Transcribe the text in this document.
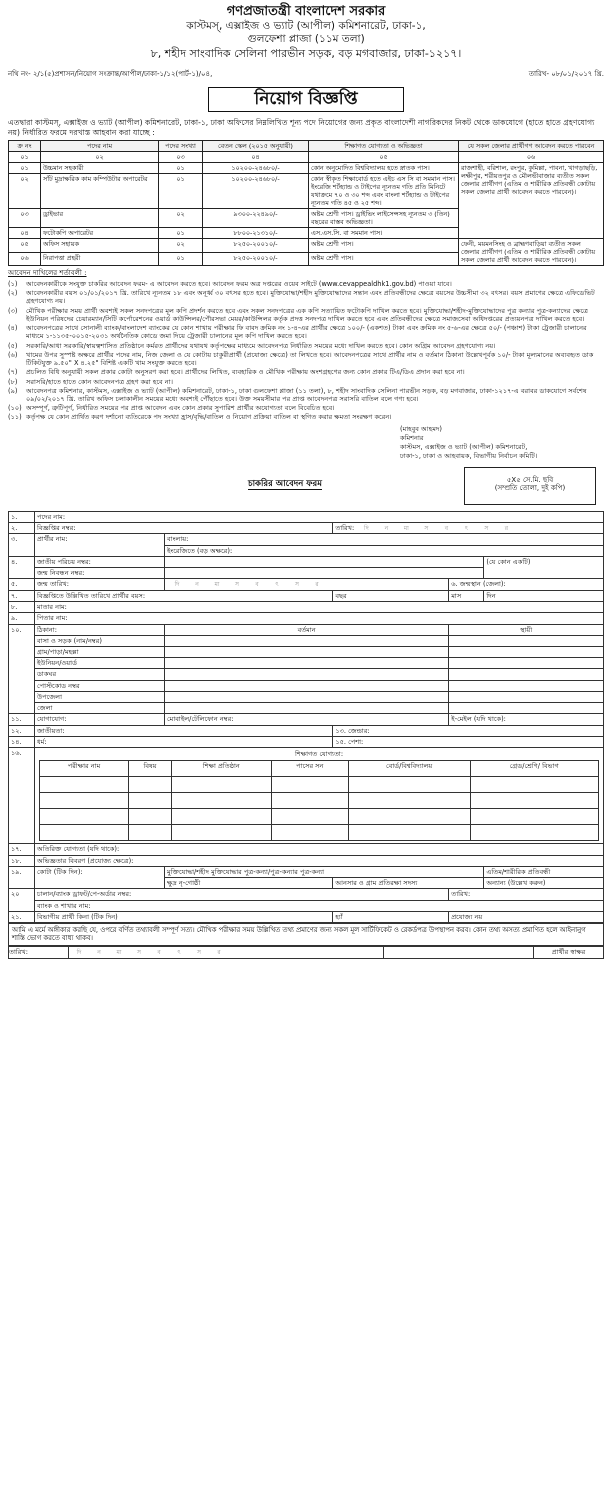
গণপ্রজাতন্ত্রী বাংলাদেশ সরকার
কাস্টমস্‌, এক্সাইজ ও ভ্যাট (আপীল) কমিশনারেট, ঢাকা-১,
গুলফেশা প্লাজা (১১ম তলা)
৮, শহীদ সাংবাদিক সেলিনা পারভীন সড়ক, বড় মগবাজার, ঢাকা-১২১৭।
নথি নং- ২/১(৫)প্রশাসন/নিয়োগ সংক্রান্ত/আপীল/ঢাকা-১/১২(পার্ট-১)/০৪,	তারিখ- ০৮/০১/২০১৭ খ্রি.
নিয়োগ বিজ্ঞপ্তি
এতদ্বারা কাস্টমস্‌, এক্সাইজ ও ভ্যাট (আপীল) কমিশনারেট, ঢাকা-১, ঢাকা অফিসের নিম্নলিখিত শূন্য পদে নিয়োগের জন্য প্রকৃত বাংলাদেশী নাগরিকদের নিকট থেকে ডাকযোগে (হাতে হাতে গ্রহণযোগ্য নয়) নির্ধারিত ফরমে দরখাস্ত আহবান করা যাচ্ছে :
ক্র নং	পদের নাম	পদের সংখ্যা	বেতন স্কেল (২০১৫ অনুযায়ী)	শিক্ষাগত যোগ্যতা ও অভিজ্ঞতা	যে সকল জেলার প্রার্থীগণ আবেদন করতে পারবেন
০১	০২	০৩	০৪	০৫	০৬
০১	উচ্চমান সহকারী	০১	১০২০০-২৪৬৮০/-	কোন অনুমোদিত বিশ্ববিদ্যালয় হতে স্নাতক পাস।	রাজশাহী, বরিশাল, রংপুর, কুমিল্লা, পাবনা, খাগড়াছড়ি, লক্ষীপুর, শরীয়তপুর ও মৌলভীবাজার ব্যতীত সকল জেলার প্রার্থীগণ (এতিম ও শারীরিক প্রতিবন্ধী কোটায় সকল জেলার প্রার্থী আবেদন করতে পারবেন)।
০২	সাঁট মুদ্রাক্ষরিক কাম কম্পিউটার অপারেটর	০১	১০২০০-২৪৬৮০/-	কোন স্বীকৃত শিক্ষাবোর্ড হতে এইচ এস সি বা সমমান পাস। ইংরেজি শর্টহ্যান্ড ও টাইপের ন্যূনতম গতি প্রতি মিনিটে যথাক্রমে ৭০ ও ৩০ শব্দ এবং বাংলা শর্টহ্যান্ড ও টাইপের ন্যূনতম গতি ৪৫ ও ২৫ শব্দ।	
০৩	ড্রাইভার	০২	৯৩০০-২২৪৯০/-	অষ্টম শ্রেণী পাস। ড্রাইভিং লাইসেন্সসহ ন্যূনতম ৩ (তিন) বছরের বাস্তব অভিজ্ঞতা।	
০৪	ফটোকপি অপারেটর	০১	৮৮০০-২১৩১০/-	এস.এস.সি. বা সমমান পাস।	
০৫	অফিস সহায়ক	০২	৮২৫০-২০০১০/-	অষ্টম শ্রেণী পাস।	ফেনী, ময়মনসিংহ ও ব্রাহ্মণবাড়িয়া ব্যতীত সকল জেলার প্রার্থীগণ (এতিম ও শারীরিক প্রতিবন্ধী কোটায় সকল জেলার প্রার্থী আবেদন করতে পারবেন)।
০৬	নিরাপত্তা প্রহরী	০১	৮২৫০-২০০১০/-	অষ্টম শ্রেণী পাস।	
আবেদন দাখিলের শর্তাবলী :
(১)	আবেদনকারীকে সংযুক্ত চাকরির আবেদন ফরম- এ আবেদন করতে হবে। আবেদন ফরম অত্র দপ্তরের ওয়েব সাইটে (www.cevappealdhk1.gov.bd) পাওয়া যাবে।
(২)	আবেদনকারীর বয়স ০১/০১/২০১৭ খ্রি. তারিখে ন্যূনতম ১৮ এবং অনূর্ধ্ব ৩০ বৎসর হতে হবে। মুক্তিযোদ্ধা/শহীদ মুক্তিযোদ্ধাদের সন্তান এবং প্রতিবন্ধীদের ক্ষেত্রে বয়সের উচ্চসীমা ৩২ বৎসর। বয়স প্রমাণের ক্ষেত্রে এফিডেভিট গ্রহণযোগ্য নয়।
(৩)	মৌখিক পরীক্ষার সময় প্রার্থী অবশ্যই সকল সনদপত্রের মূল কপি প্রদর্শন করতে হবে এবং সকল সনদপত্রের এক কপি সত্যায়িত ফটোকপি দাখিল করতে হবে। মুক্তিযোদ্ধা/শহীদ-মুক্তিযোদ্ধাদের পুত্র কন্যার পুত্র-কন্যাদের ক্ষেত্রে ইউনিয়ন পরিষদের চেয়ারম্যান/সিটি কর্পোরেশনের ওয়ার্ড কাউন্সিলর/পৌরসভা মেয়র/কাউন্সিলর কর্তৃক প্রদত্ত সনদপত্র দাখিল করতে হবে এবং প্রতিবন্ধীদের ক্ষেত্রে সমাজসেবা অধিদপ্তরের প্রত্যয়নপত্র দাখিল করতে হবে।
(৪)	আবেদনপত্রের সাথে সোনালী ব্যাংক/বাংলাদেশ ব্যাংকের যে কোন শাখায় পরীক্ষার ফি বাবদ ক্রমিক নং ১-৪-এর প্রার্থীর ক্ষেত্রে ১০০/- (একশত) টাকা এবং ক্রমিক নং ৫-৬-এর ক্ষেত্রে ৫০/- (পঞ্চাশ) টাকা ট্রেজারী চালানের মাধ্যমে ১-১১৩৫-০০১৫-২০৩১ অর্থনৈতিক কোডে জমা দিয়ে ট্রেজারী চালানের মূল কপি দাখিল করতে হবে।
(৫)	সরকারি/আধা সরকারি/স্বায়ত্বশাসিত প্রতিষ্ঠানে কর্মরত প্রার্থীদের যথাযথ কর্তৃপক্ষের মাধ্যমে আবেদনপত্র নির্ধারিত সময়ের মধ্যে দাখিল করতে হবে। কোন অগ্রিম আবেদন গ্রহণযোগ্য নয়।
(৬)	খামের উপর সুস্পষ্ট অক্ষরে প্রার্থীর পদের নাম, নিজ জেলা ও যে কোটায় চাকুরীপ্রার্থী (প্রযোজ্য ক্ষেত্রে) তা লিখতে হবে। আবেদনপত্রের সাথে প্রার্থীর নাম ও বর্তমান ঠিকানা উল্লেখপূর্বক ১০/- টাকা মূল্যমানের অব্যবহৃত ডাক টিকিটযুক্ত ৯.৫০" X ৪.২৫" বিশিষ্ট একটি খাম সংযুক্ত করতে হবে।
(৭)	প্রচলিত বিধি অনুযায়ী সকল প্রকার কোটা অনুসরণ করা হবে। প্রার্থীদের লিখিত, ব্যবহারিক ও মৌখিক পরীক্ষায় অংশগ্রহণের জন্য কোন প্রকার টিএ/ডিএ প্রদান করা হবে না।
(৮)	সরাসরি/হাতে হাতে কোন আবেদনপত্র গ্রহণ করা হবে না।
(৯)	আবেদনপত্র কমিশনার, কাস্টমস, এক্সাইজ ও ভ্যাট (আপীল) কমিশনারেট, ঢাকা-১, ঢাকা গুলফেশা প্লাজা (১১ তলা), ৮, শহীদ সাংবাদিক সেলিনা পারভীন সড়ক, বড় মগবাজার, ঢাকা-১২১৭-এ বরাবর ডাকযোগে সর্বশেষ ০৯/০২/২০১৭ খ্রি. তারিখ অফিস চলাকালীন সময়ের মধ্যে অবশ্যই পৌঁছাতে হবে। উক্ত সময়সীমার পর প্রাপ্ত আবেদনপত্র সরাসরি বাতিল বলে গণ্য হবে।
(১০) অসম্পূর্ণ, ত্রুটিপূর্ণ, নির্ধারিত সময়ের পর প্রাপ্ত আবেদন এবং কোন প্রকার সুপারিশ প্রার্থীর অযোগ্যতা বলে বিবেচিত হবে।
(১১) কর্তৃপক্ষ যে কোন প্রার্থিত করণ দর্শানো ব্যতিরেকে পদ সংখ্যা হ্রাস/বৃদ্ধি/বাতিল ও নিয়োগ প্রক্রিয়া বাতিল বা স্থগিত করার ক্ষমতা সংরক্ষণ করেন।
(মাহবুব আহমদ)
কমিশনার
কাস্টমস, এক্সাইজ ও ভ্যাট (আপীল) কমিশনারেট,
ঢাকা-১, ঢাকা ও আহবায়ক, বিভাগীয় নির্বাচন কমিটি।
চাকরির আবেদন ফরম	৫X৫ সে.মি. ছবি
(সম্প্রতি তোলা, দুই কপি)
১.	পদের নাম:
২.	বিজ্ঞপ্তির নম্বর:	তারিখ:	দি	ন	মা	স	ব	ৎ	স	র

৩.	প্রার্থীর নাম:	বাংলায়:
ইংরেজিতে (বড় অক্ষরে):
৪.	জাতীয় পরিচয় নম্বর:		(যে কোন একটি)
জন্ম নিবন্ধন নম্বর:	
৫.	জন্ম তারিখ:	দি	ন	মা	স	ব	ৎ	স	র	৬. জন্মস্থান (জেলা):
৭.	বিজ্ঞপ্তিতে উল্লিখিত তারিখে প্রার্থীর বয়স:	বছর	মাস	দিন
৮.	মাতার নাম:
৯.	পিতার নাম:
১০.	ঠিকানা:	বর্তমান	স্থায়ী
বাসা ও সড়ক (নাম/নম্বর)		
গ্রাম/পাড়া/মহল্লা		
ইউনিয়ন/ওয়ার্ড		
ডাকঘর		
পোস্টকোড নম্বর		
উপজেলা		
জেলা		
১১.	যোগাযোগ:	মোবাইল/টেলিফোন নম্বর:	ই-মেইল (যদি থাকে):
১২.	জাতীয়তা:	১৩. জেন্ডার:
১৪.	ধর্ম:	১৫. পেশা:
১৬.	শিক্ষাগত যোগ্যতা:
পরীক্ষার নাম	বিষয়	শিক্ষা প্রতিষ্ঠান	পাসের সন	বোর্ড/বিশ্ববিদ্যালয়	গ্রেড/শ্রেণি/ বিভাগ

১৭.	অতিরিক্ত যোগ্যতা (যদি থাকে):
১৮.	অভিজ্ঞতার বিবরণ (প্রযোজ্য ক্ষেত্রে):
১৯.	কোটা (টিক দিন):	মুক্তিযোদ্ধা/শহীদ মুক্তিযোদ্ধার পুত্র-কন্যা/পুত্র-কন্যার পুত্র-কন্যা	এতিম/শারীরিক প্রতিবন্ধী
ক্ষুদ্র নৃ-গোষ্ঠী	আনসার ও গ্রাম প্রতিরক্ষা সদস্য	অন্যান্য (উল্লেখ করুন)
২০	চালান/ব্যাংক ড্রাফট/পে-অর্ডার নম্বর:	তারিখ:
ব্যাংক ও শাখার নাম:
২১.	বিভাগীয় প্রার্থী কিনা (টিক দিন)	হ্যাঁ	প্রযোজ্য নয়
আমি এ মর্মে অঙ্গীকার করছি যে, ওপরে বর্ণিত তথ্যাবলী সম্পূর্ণ সত্য। মৌখিক পরীক্ষার সময় উল্লিখিত তথ্য প্রমাণের জন্য সকল মূল সার্টিফিকেট ও রেকর্ডপত্র উপস্থাপন করব। কোন তথ্য অসত্য প্রমাণিত হলে আইনানুগ শাস্তি ভোগ করতে বাধ্য থাকব।
তারিখ:	দি	ন	মা	স	ব	ৎ	স	র		প্রার্থীর স্বাক্ষর
